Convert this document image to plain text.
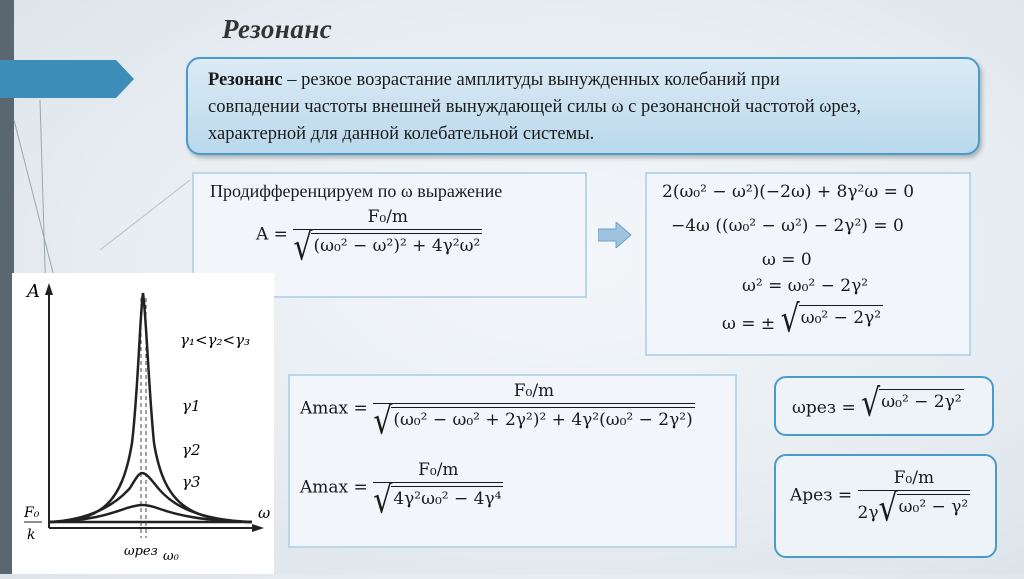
Резонанс
Резонанс – резкое возрастание амплитуды вынужденных колебаний при
совпадении частоты внешней вынуждающей силы ω с резонансной частотой ωрез,
характерной для данной колебательной системы.
Продифференцируем по ω выражение
$A = \frac{\text{F₀/m}}{\text{√ (ω₀² − ω²)² + 4γ²ω²}}$
2(ω₀² − ω²)(−2ω) + 8γ²ω = 0
−4ω ((ω₀² − ω²) − 2γ²) = 0
ω = 0
ω² = ω₀² − 2γ²
ω = ± √ ω₀² − 2γ²
$Amax = \frac{\text{F₀/m}}{\text{√ (ω₀² − ω₀² + 2γ²)² + 4γ²(ω₀² − 2γ²)}}$
$Amax = \frac{\text{F₀/m}}{\text{√ 4γ²ω₀² − 4γ⁴}}$
ωрез = √ ω₀² − 2γ²
Aрез = $\frac{\text{F₀/m}}{\text{2γ √ ω₀² − γ²}}$
A
ω
γ₁<γ₂<γ₃
γ1
γ2
γ3
F₀
k
ωрез ω₀
